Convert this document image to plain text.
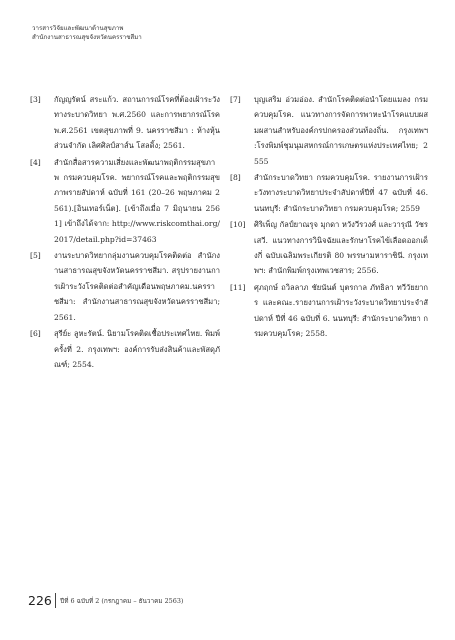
วารสารวิจัยและพัฒนาด้านสุขภาพ
สำนักงานสาธารณสุขจังหวัดนครราชสีมา
[3]	กัญญรัตน์ สระแก้ว. สถานการณ์โรคที่ต้องเฝ้าระวังทางระบาดวิทยา พ.ศ.2560 และการพยากรณ์โรค พ.ศ.2561 เขตสุขภาพที่ 9. นครราชสีมา : ห้างหุ้นส่วนจำกัด เลิศศิลป์สาส์น โสลดิ้ง; 2561.
[4]	สำนักสื่อสารความเสี่ยงและพัฒนาพฤติกรรมสุขภาพ กรมควบคุมโรค. พยากรณ์โรคและพฤติกรรมสุขภาพรายสัปดาห์ ฉบับที่ 161 (20–26 พฤษภาคม 2561).[อินเทอร์เน็ต]. [เข้าถึงเมื่อ 7 มิถุนายน 2561] เข้าถึงได้จาก: http://www.riskcomthai.org/2017/detail.php?id=37463
[5]	งานระบาดวิทยากลุ่มงานควบคุมโรคติดต่อ สำนักงานสาธารณสุขจังหวัดนครราชสีมา. สรุปรายงานการเฝ้าระวังโรคติดต่อสำคัญเดือนพฤษภาคม.นครราชสีมา: สำนักงานสาธารณสุขจังหวัดนครราชสีมา; 2561.
[6]	สุรีย์ะ ลูหะรัตน์. นิยามโรคติดเชื้อประเทศไทย. พิมพ์ครั้งที่ 2. กรุงเทพฯ: องค์การรับส่งสินค้าและพัสดุภัณฑ์; 2554.
[7]	บุญเสริม อ่วมอ่อง. สำนักโรคติดต่อนำโดยแมลง กรมควบคุมโรค. แนวทางการจัดการพาหะนำโรคแบบผสมผสานสำหรับองค์กรปกครองส่วนท้องถิ่น. กรุงเทพฯ :โรงพิมพ์ชุมนุมสหกรณ์การเกษตรแห่งประเทศไทย; 2555
[8]	สำนักระบาดวิทยา กรมควบคุมโรค. รายงานการเฝ้าระวังทางระบาดวิทยาประจำสัปดาห์ปีที่ 47 ฉบับที่ 46. นนทบุรี: สำนักระบาดวิทยา กรมควบคุมโรค; 2559
[10]	ศิริเพ็ญ กัลป์ยาณรุจ มุกดา หวังวีรวงศ์ และวารุณี วัชรเสวี. แนวทางการวินิจฉัยและรักษาโรคไข้เลือดออกเด็งกี่ ฉบับเฉลิมพระเกียรติ 80 พรรษามหาราชินี. กรุงเทพฯ: สำนักพิมพ์กรุงเทพเวชสาร; 2556.
[11]	ศุภฤกษ์ ถวิลลาภ ชัยนันต์ บุตรกาล ภัทธิลา ทวีวัยยากร และคณะ.รายงานการเฝ้าระวังระบาดวิทยาประจำสัปดาห์ ปีที่ 46 ฉบับที่ 6. นนทบุรี: สำนักระบาดวิทยา กรมควบคุมโรค; 2558.
226 ปีที่ 6 ฉบับที่ 2 (กรกฎาคม – ธันวาคม 2563)
